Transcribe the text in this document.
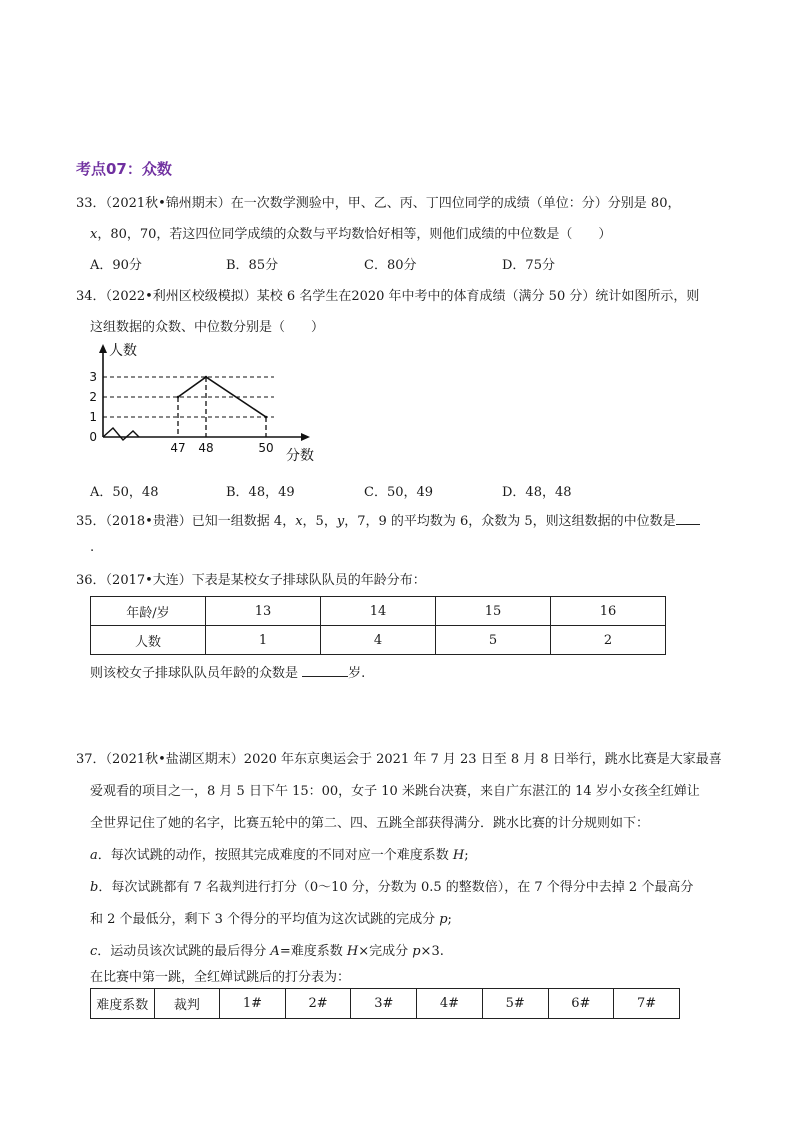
考点07：众数
33．（2021秋•锦州期末）在一次数学测验中，甲、乙、丙、丁四位同学的成绩（单位：分）分别是 80，
x，80，70，若这四位同学成绩的众数与平均数恰好相等，则他们成绩的中位数是（　　）
A．90分	B．85分	C．80分	D．75分
34．（2022•利州区校级模拟）某校 6 名学生在2020 年中考中的体育成绩（满分 50 分）统计如图所示，则
这组数据的众数、中位数分别是（　　）
0
1
2
3
人数
分数
47 48	50
A．50，48	B．48，49	C．50，49	D．48，48
35．（2018•贵港）已知一组数据 4，x，5，y，7，9 的平均数为 6，众数为 5，则这组数据的中位数是
.
36．（2017•大连）下表是某校女子排球队队员的年龄分布：
年龄/岁	13	14	15	16
人数	1	4	5	2
则该校女子排球队队员年龄的众数是	岁.
37．（2021秋•盐湖区期末）2020 年东京奥运会于 2021 年 7 月 23 日至 8 月 8 日举行，跳水比赛是大家最喜
爱观看的项目之一，8 月 5 日下午 15：00，女子 10 米跳台决赛，来自广东湛江的 14 岁小女孩全红婵让
全世界记住了她的名字，比赛五轮中的第二、四、五跳全部获得满分．跳水比赛的计分规则如下：
a．每次试跳的动作，按照其完成难度的不同对应一个难度系数 H;
b．每次试跳都有 7 名裁判进行打分（0～10 分，分数为 0.5 的整数倍），在 7 个得分中去掉 2 个最高分
和 2 个最低分，剩下 3 个得分的平均值为这次试跳的完成分 p;
c．运动员该次试跳的最后得分 A=难度系数 H×完成分 p×3.
在比赛中第一跳，全红婵试跳后的打分表为：
难度系数	裁判	1#	2#	3#	4#	5#	6#	7#
